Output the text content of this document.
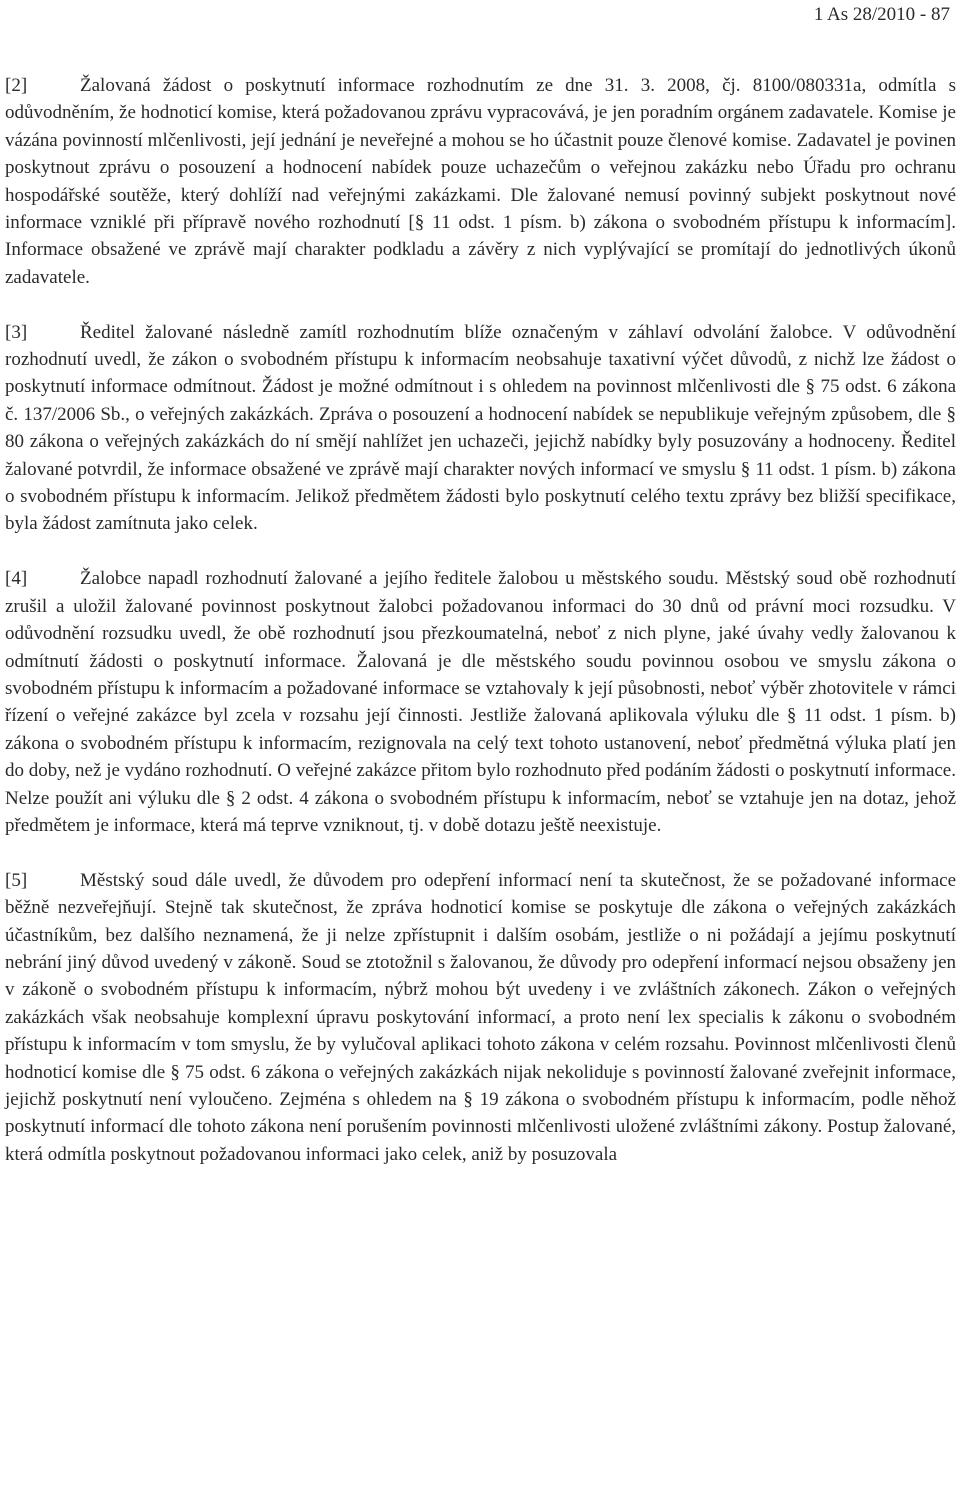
1 As 28/2010 - 87

[2]	Žalovaná žádost o poskytnutí informace rozhodnutím ze dne 31. 3. 2008, čj. 8100/080331a, odmítla s odůvodněním, že hodnoticí komise, která požadovanou zprávu vypracovává, je jen poradním orgánem zadavatele. Komise je vázána povinností mlčenlivosti, její jednání je neveřejné a mohou se ho účastnit pouze členové komise. Zadavatel je povinen poskytnout zprávu o posouzení a hodnocení nabídek pouze uchazečům o veřejnou zakázku nebo Úřadu pro ochranu hospodářské soutěže, který dohlíží nad veřejnými zakázkami. Dle žalované nemusí povinný subjekt poskytnout nové informace vzniklé při přípravě nového rozhodnutí [§ 11 odst. 1 písm. b) zákona o svobodném přístupu k informacím]. Informace obsažené ve zprávě mají charakter podkladu a závěry z nich vyplývající se promítají do jednotlivých úkonů zadavatele.

[3]	Ředitel žalované následně zamítl rozhodnutím blíže označeným v záhlaví odvolání žalobce. V odůvodnění rozhodnutí uvedl, že zákon o svobodném přístupu k informacím neobsahuje taxativní výčet důvodů, z nichž lze žádost o poskytnutí informace odmítnout. Žádost je možné odmítnout i s ohledem na povinnost mlčenlivosti dle § 75 odst. 6 zákona č. 137/2006 Sb., o veřejných zakázkách. Zpráva o posouzení a hodnocení nabídek se nepublikuje veřejným způsobem, dle § 80 zákona o veřejných zakázkách do ní smějí nahlížet jen uchazeči, jejichž nabídky byly posuzovány a hodnoceny. Ředitel žalované potvrdil, že informace obsažené ve zprávě mají charakter nových informací ve smyslu § 11 odst. 1 písm. b) zákona o svobodném přístupu k informacím. Jelikož předmětem žádosti bylo poskytnutí celého textu zprávy bez bližší specifikace, byla žádost zamítnuta jako celek.

[4]	Žalobce napadl rozhodnutí žalované a jejího ředitele žalobou u městského soudu. Městský soud obě rozhodnutí zrušil a uložil žalované povinnost poskytnout žalobci požadovanou informaci do 30 dnů od právní moci rozsudku. V odůvodnění rozsudku uvedl, že obě rozhodnutí jsou přezkoumatelná, neboť z nich plyne, jaké úvahy vedly žalovanou k odmítnutí žádosti o poskytnutí informace. Žalovaná je dle městského soudu povinnou osobou ve smyslu zákona o svobodném přístupu k informacím a požadované informace se vztahovaly k její působnosti, neboť výběr zhotovitele v rámci řízení o veřejné zakázce byl zcela v rozsahu její činnosti. Jestliže žalovaná aplikovala výluku dle § 11 odst. 1 písm. b) zákona o svobodném přístupu k informacím, rezignovala na celý text tohoto ustanovení, neboť předmětná výluka platí jen do doby, než je vydáno rozhodnutí. O veřejné zakázce přitom bylo rozhodnuto před podáním žádosti o poskytnutí informace. Nelze použít ani výluku dle § 2 odst. 4 zákona o svobodném přístupu k informacím, neboť se vztahuje jen na dotaz, jehož předmětem je informace, která má teprve vzniknout, tj. v době dotazu ještě neexistuje.

[5]	Městský soud dále uvedl, že důvodem pro odepření informací není ta skutečnost, že se požadované informace běžně nezveřejňují. Stejně tak skutečnost, že zpráva hodnoticí komise se poskytuje dle zákona o veřejných zakázkách účastníkům, bez dalšího neznamená, že ji nelze zpřístupnit i dalším osobám, jestliže o ni požádají a jejímu poskytnutí nebrání jiný důvod uvedený v zákoně. Soud se ztotožnil s žalovanou, že důvody pro odepření informací nejsou obsaženy jen v zákoně o svobodném přístupu k informacím, nýbrž mohou být uvedeny i ve zvláštních zákonech. Zákon o veřejných zakázkách však neobsahuje komplexní úpravu poskytování informací, a proto není lex specialis k zákonu o svobodném přístupu k informacím v tom smyslu, že by vylučoval aplikaci tohoto zákona v celém rozsahu. Povinnost mlčenlivosti členů hodnoticí komise dle § 75 odst. 6 zákona o veřejných zakázkách nijak nekoliduje s povinností žalované zveřejnit informace, jejichž poskytnutí není vyloučeno. Zejména s ohledem na § 19 zákona o svobodném přístupu k informacím, podle něhož poskytnutí informací dle tohoto zákona není porušením povinnosti mlčenlivosti uložené zvláštními zákony. Postup žalované, která odmítla poskytnout požadovanou informaci jako celek, aniž by posuzovala
